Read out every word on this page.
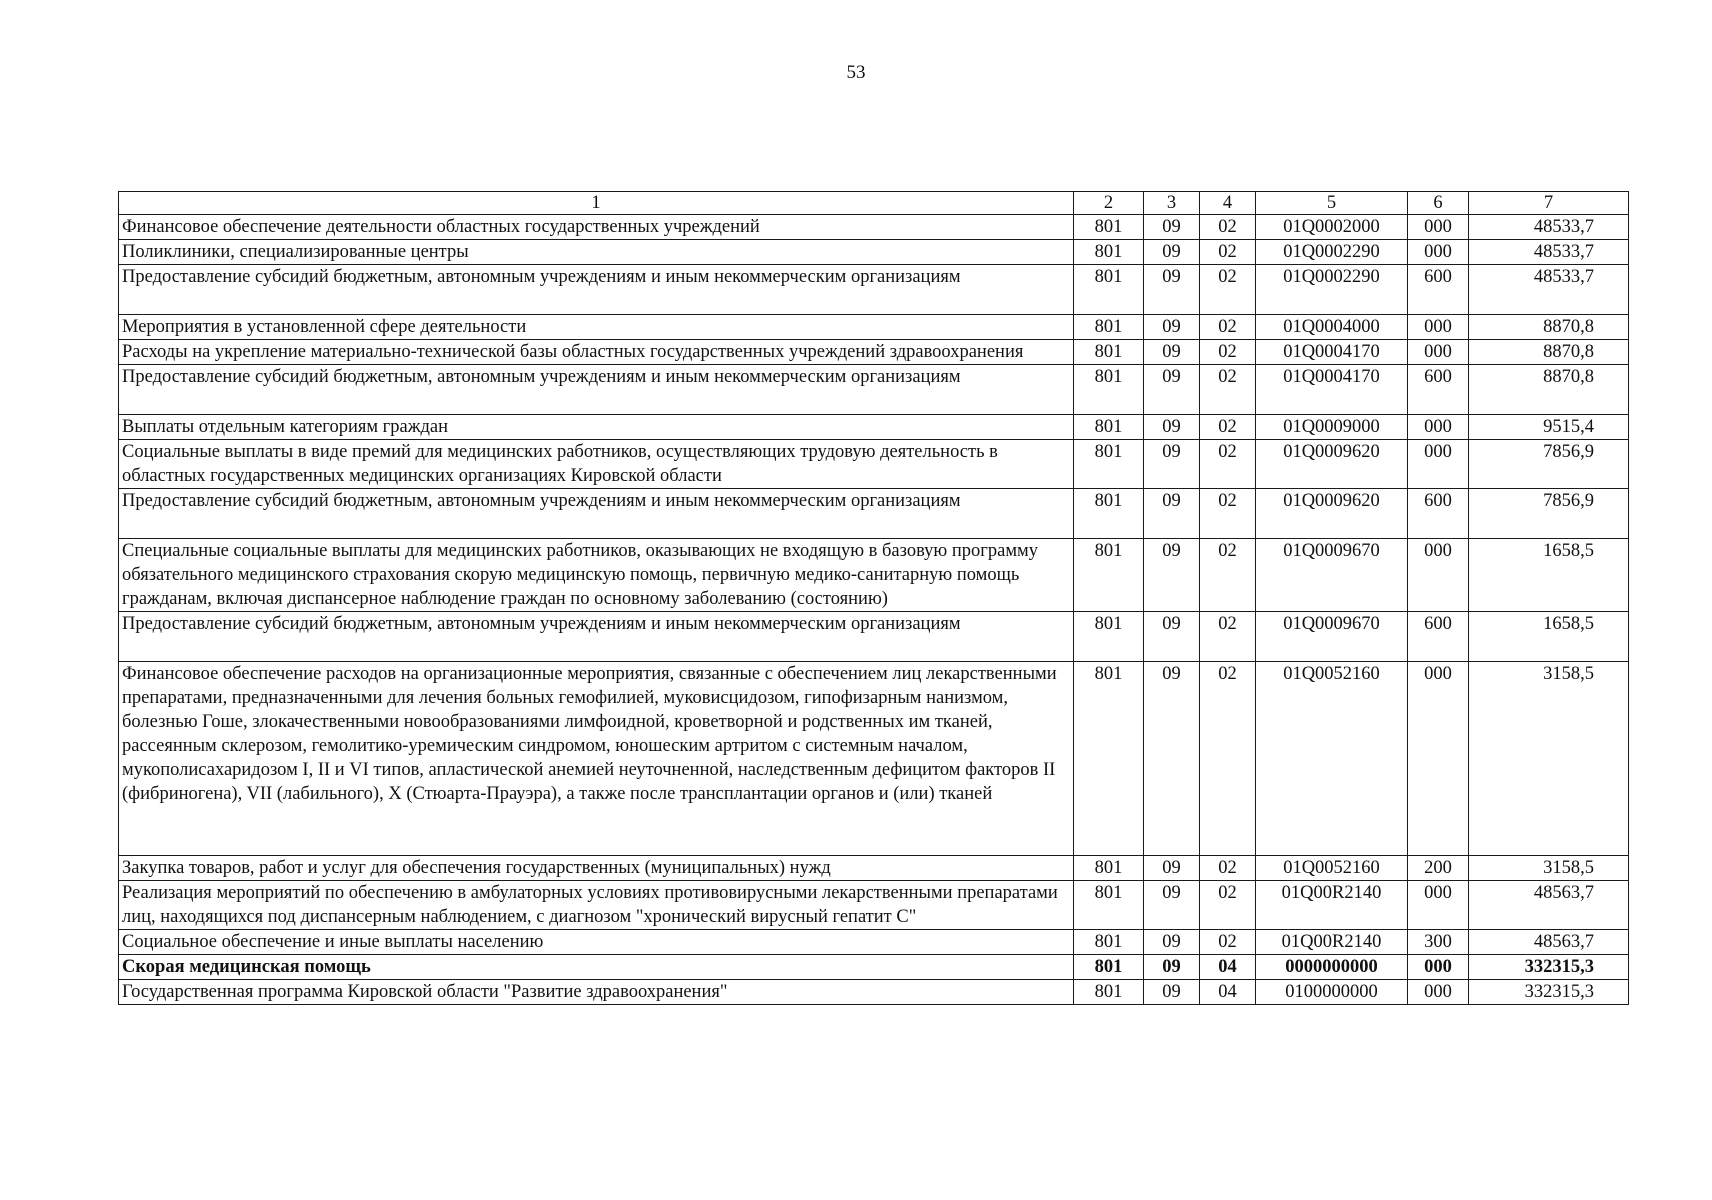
53
1	2	3	4	5	6	7
Финансовое обеспечение деятельности областных государственных учреждений	801	09	02	01Q0002000	000	48533,7
Поликлиники, специализированные центры	801	09	02	01Q0002290	000	48533,7
Предоставление субсидий бюджетным, автономным учреждениям и иным некоммерческим организациям	801	09	02	01Q0002290	600	48533,7
Мероприятия в установленной сфере деятельности	801	09	02	01Q0004000	000	8870,8
Расходы на укрепление материально-технической базы областных государственных учреждений здравоохранения	801	09	02	01Q0004170	000	8870,8
Предоставление субсидий бюджетным, автономным учреждениям и иным некоммерческим организациям	801	09	02	01Q0004170	600	8870,8
Выплаты отдельным категориям граждан	801	09	02	01Q0009000	000	9515,4
Социальные выплаты в виде премий для медицинских работников, осуществляющих трудовую деятельность в областных государственных медицинских организациях Кировской области	801	09	02	01Q0009620	000	7856,9
Предоставление субсидий бюджетным, автономным учреждениям и иным некоммерческим организациям	801	09	02	01Q0009620	600	7856,9
Специальные социальные выплаты для медицинских работников, оказывающих не входящую в базовую программу обязательного медицинского страхования скорую медицинскую помощь, первичную медико-санитарную помощь гражданам, включая диспансерное наблюдение граждан по основному заболеванию (состоянию)	801	09	02	01Q0009670	000	1658,5
Предоставление субсидий бюджетным, автономным учреждениям и иным некоммерческим организациям	801	09	02	01Q0009670	600	1658,5
Финансовое обеспечение расходов на организационные мероприятия, связанные с обеспечением лиц лекарственными препаратами, предназначенными для лечения больных гемофилией, муковисцидозом, гипофизарным нанизмом, болезнью Гоше, злокачественными новообразованиями лимфоидной, кроветворной и родственных им тканей, рассеянным склерозом, гемолитико-уремическим синдромом, юношеским артритом с системным началом, мукополисахаридозом I, II и VI типов, апластической анемией неуточненной, наследственным дефицитом факторов II (фибриногена), VII (лабильного), X (Стюарта-Прауэра), а также после трансплантации органов и (или) тканей	801	09	02	01Q0052160	000	3158,5
Закупка товаров, работ и услуг для обеспечения государственных (муниципальных) нужд	801	09	02	01Q0052160	200	3158,5
Реализация мероприятий по обеспечению в амбулаторных условиях противовирусными лекарственными препаратами лиц, находящихся под диспансерным наблюдением, с диагнозом "хронический вирусный гепатит С"	801	09	02	01Q00R2140	000	48563,7
Социальное обеспечение и иные выплаты населению	801	09	02	01Q00R2140	300	48563,7
Скорая медицинская помощь	801	09	04	0000000000	000	332315,3
Государственная программа Кировской области "Развитие здравоохранения"	801	09	04	0100000000	000	332315,3
